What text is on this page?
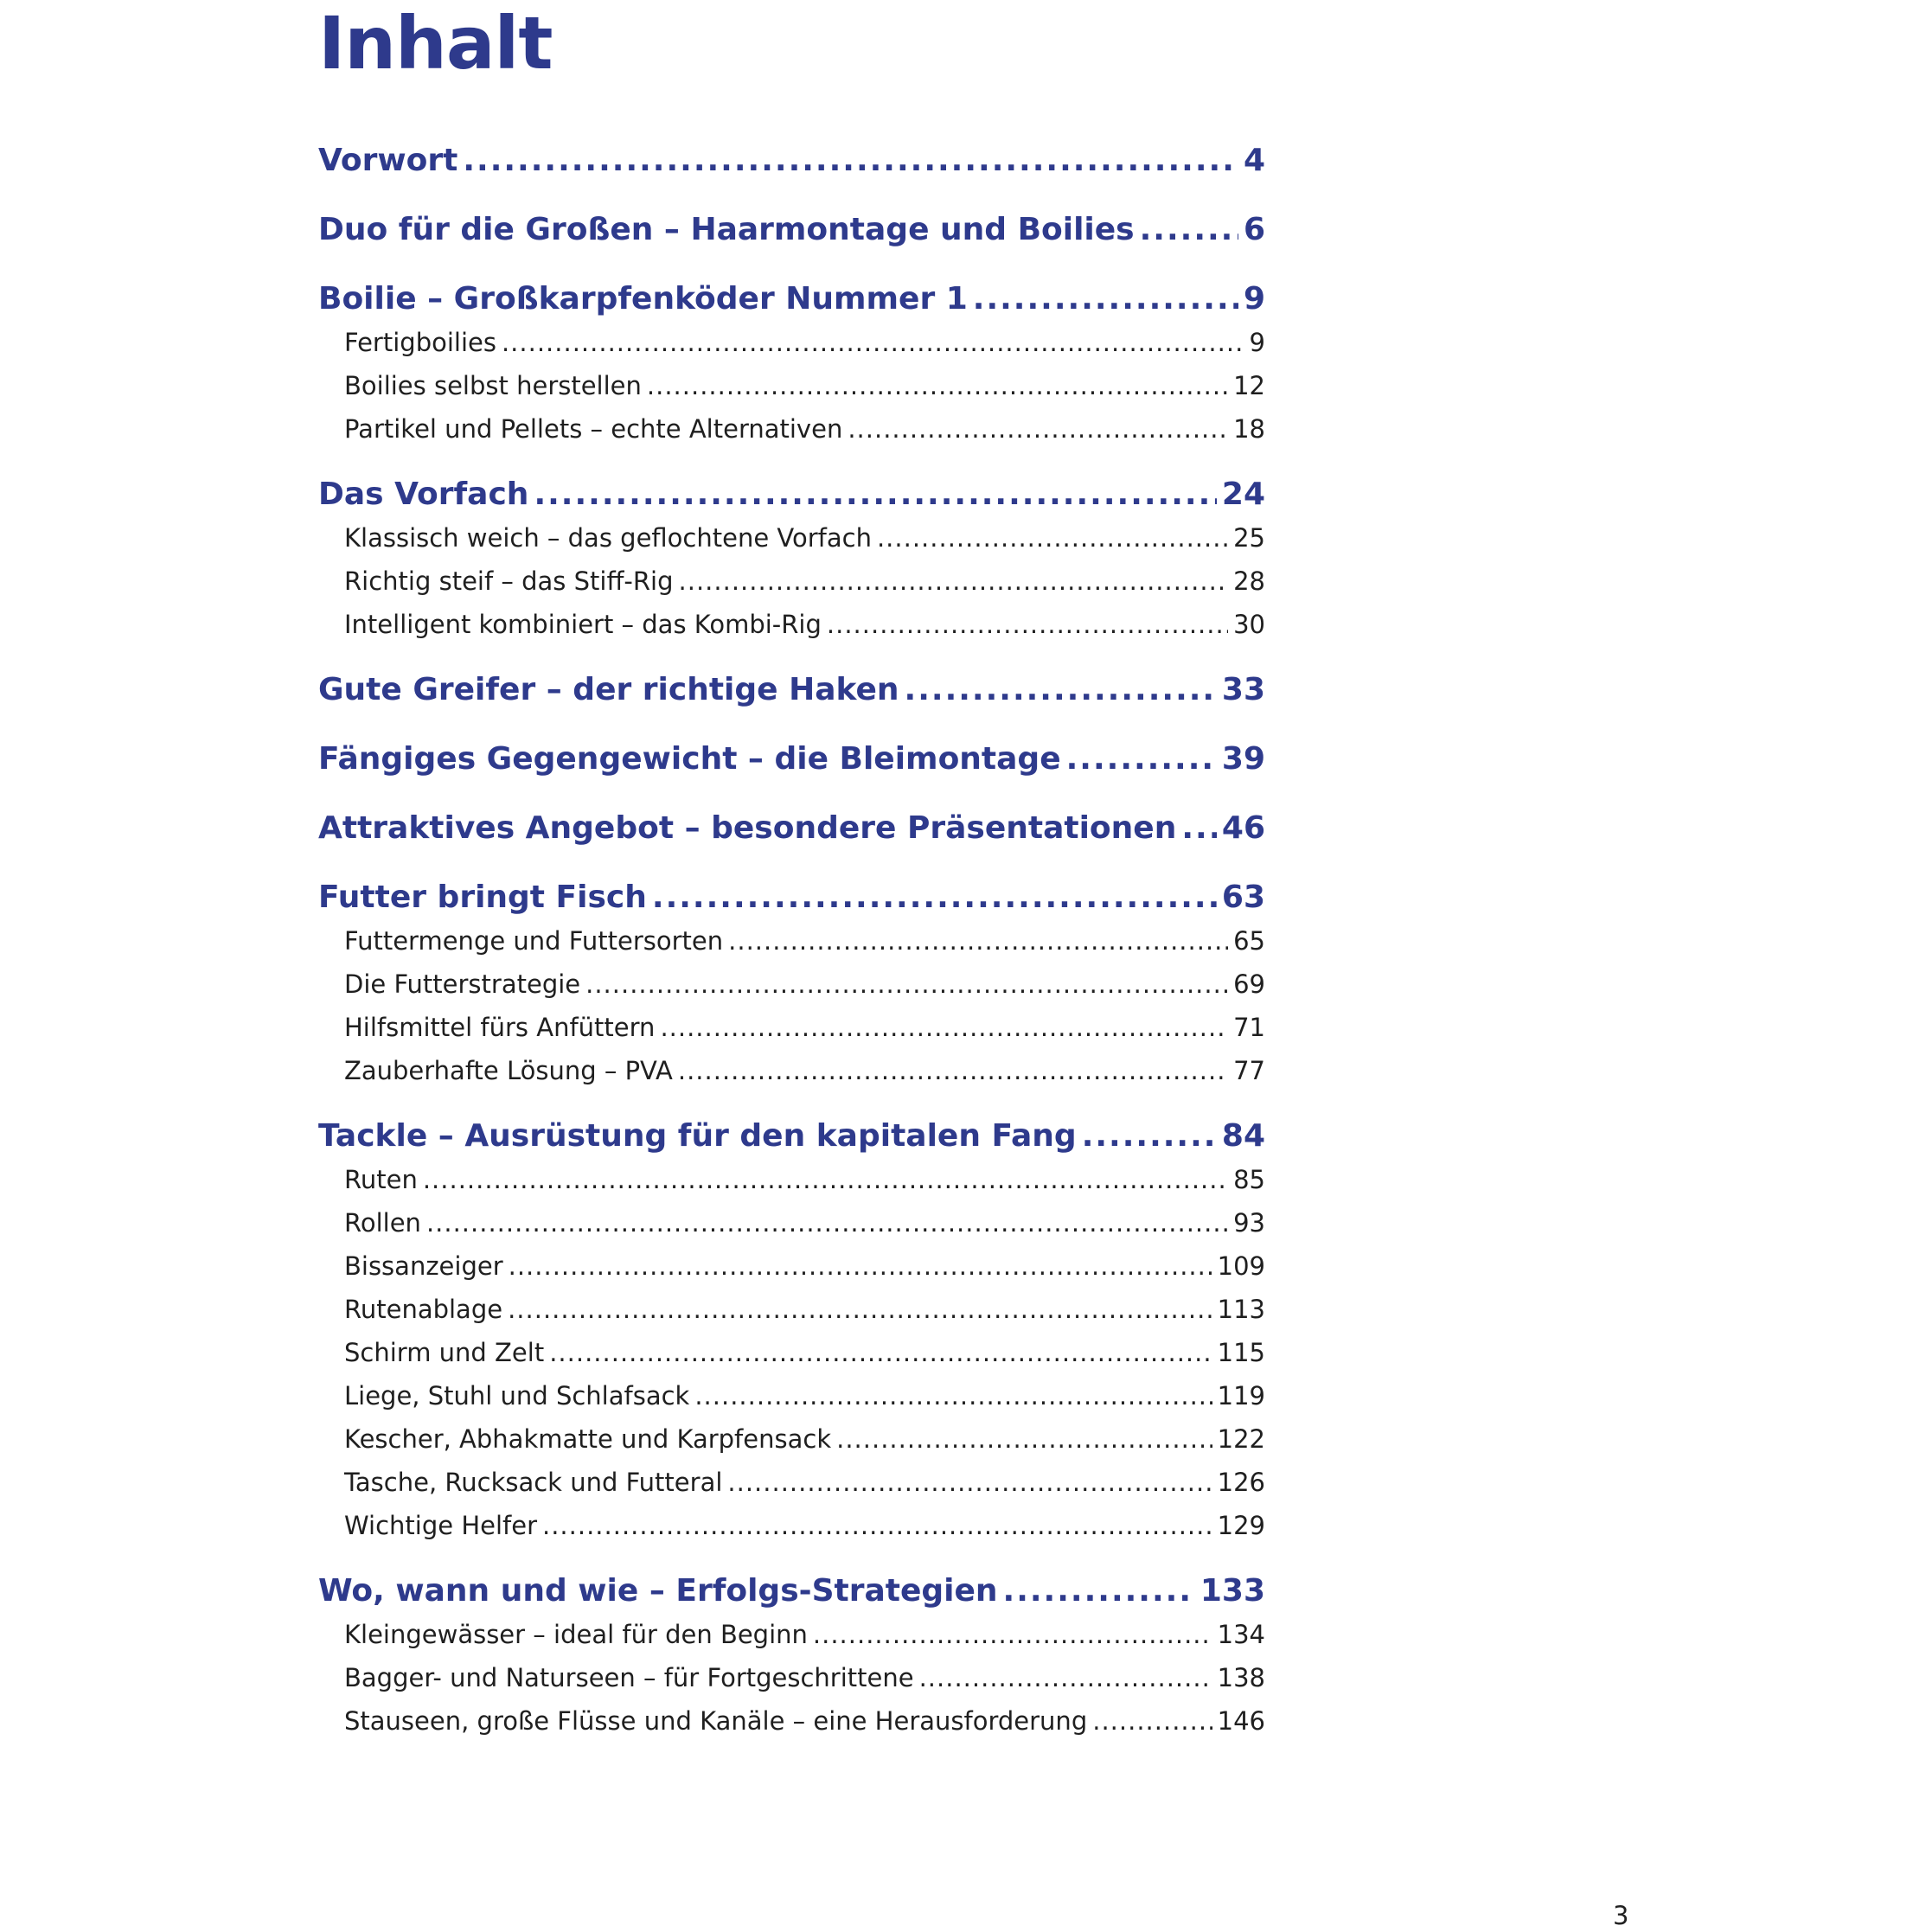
Inhalt
Vorwort .....	4
Duo für die Großen – Haarmontage und Boilies .....	6
Boilie – Großkarpfenköder Nummer 1 .....	9
Fertigboilies .....	9
Boilies selbst herstellen .....	12
Partikel und Pellets – echte Alternativen .....	18
Das Vorfach .....	24
Klassisch weich – das geflochtene Vorfach .....	25
Richtig steif – das Stiff-Rig .....	28
Intelligent kombiniert – das Kombi-Rig .....	30
Gute Greifer – der richtige Haken .....	33
Fängiges Gegengewicht – die Bleimontage .....	39
Attraktives Angebot – besondere Präsentationen ..... 46
Futter bringt Fisch .....	63
Futtermenge und Futtersorten .....	65
Die Futterstrategie .....	69
Hilfsmittel fürs Anfüttern .....	71
Zauberhafte Lösung – PVA .....	77
Tackle – Ausrüstung für den kapitalen Fang .....	84
Ruten .....	85
Rollen .....	93
Bissanzeiger .....	109
Rutenablage .....	113
Schirm und Zelt .....	115
Liege, Stuhl und Schlafsack .....	119
Kescher, Abhakmatte und Karpfensack .....	122
Tasche, Rucksack und Futteral .....	126
Wichtige Helfer .....	129
Wo, wann und wie – Erfolgs-Strategien .....	133
Kleingewässer – ideal für den Beginn .....	134
Bagger- und Naturseen – für Fortgeschrittene .....	138
Stauseen, große Flüsse und Kanäle – eine Herausforderung .....	146
3
